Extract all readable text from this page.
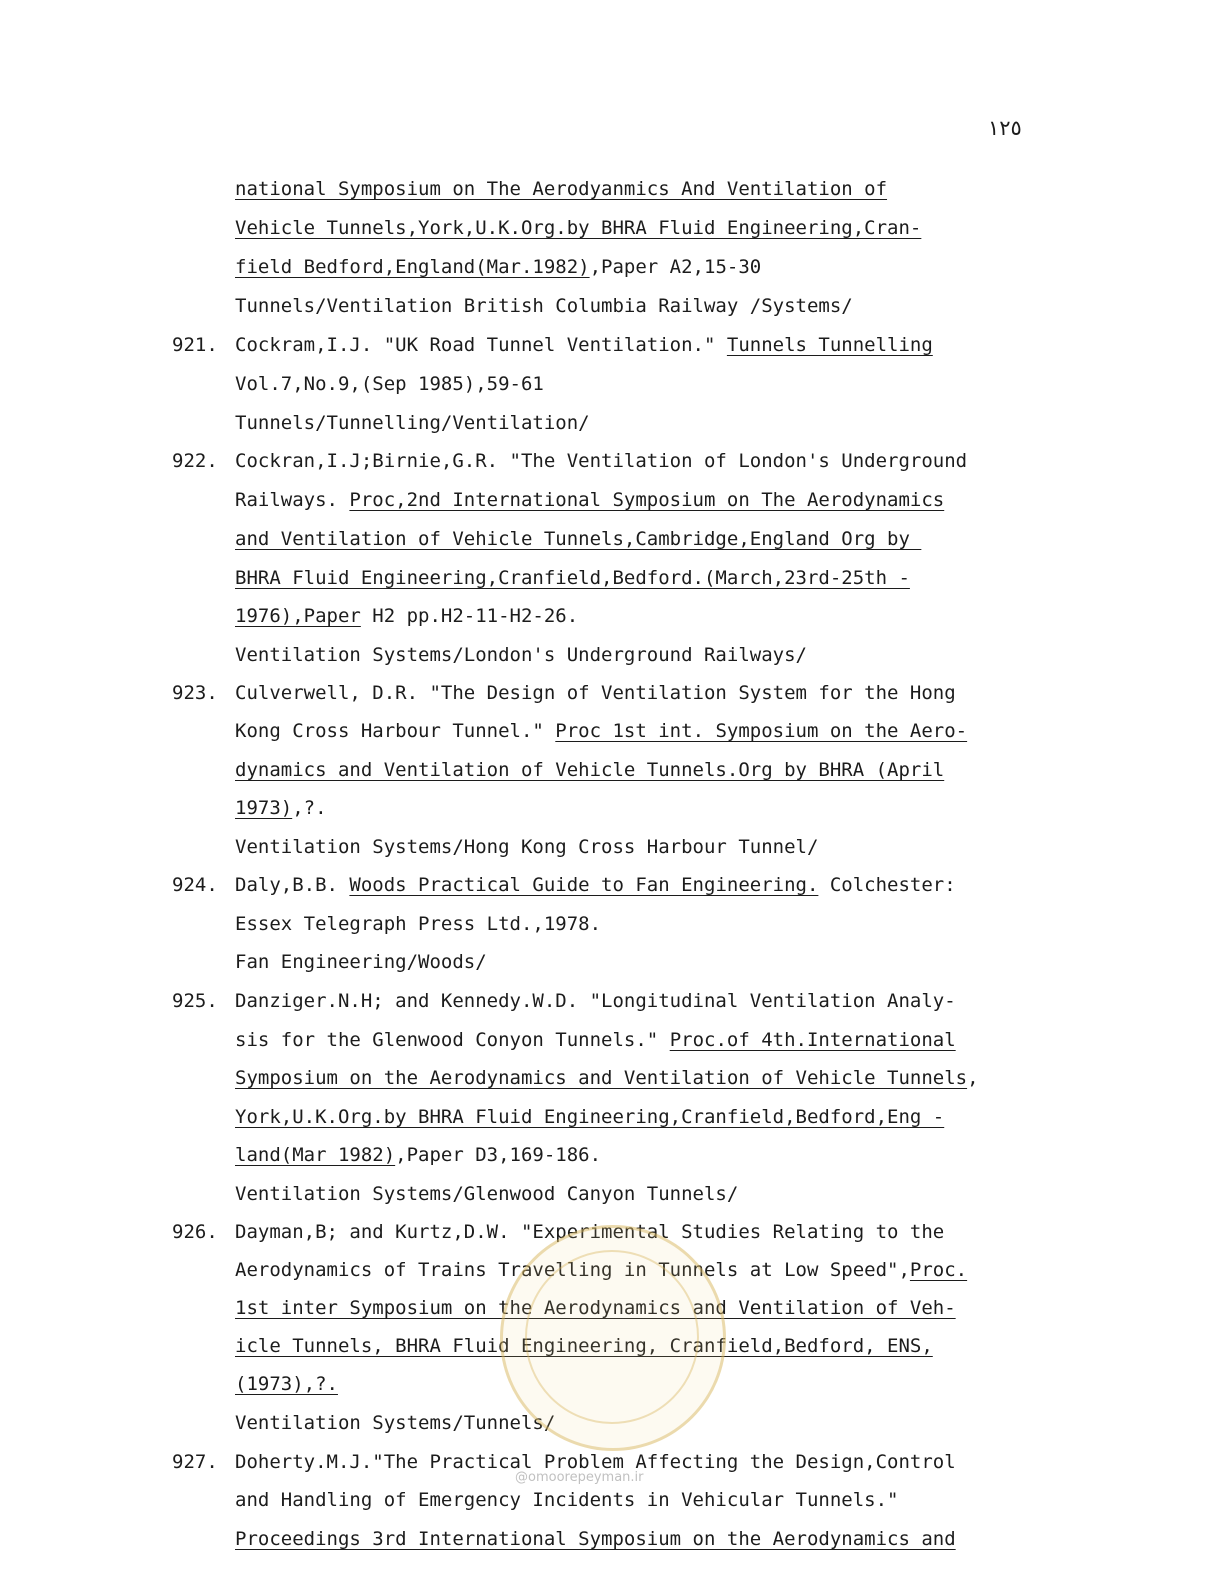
١٢٥
national Symposium on The Aerodyanmics And Ventilation of
Vehicle Tunnels,York,U.K.Org.by BHRA Fluid Engineering,Cran-
field Bedford,England(Mar.1982),Paper A2,15-30
Tunnels/Ventilation British Columbia Railway /Systems/
921. Cockram,I.J. "UK Road Tunnel Ventilation." Tunnels Tunnelling
Vol.7,No.9,(Sep 1985),59-61
Tunnels/Tunnelling/Ventilation/
922. Cockran,I.J;Birnie,G.R. "The Ventilation of London's Underground
Railways. Proc,2nd International Symposium on The Aerodynamics
and Ventilation of Vehicle Tunnels,Cambridge,England Org by
BHRA Fluid Engineering,Cranfield,Bedford.(March,23rd-25th -
1976),Paper H2 pp.H2-11-H2-26.
Ventilation Systems/London's Underground Railways/
923. Culverwell, D.R. "The Design of Ventilation System for the Hong
Kong Cross Harbour Tunnel." Proc 1st int. Symposium on the Aero-
dynamics and Ventilation of Vehicle Tunnels.Org by BHRA (April
1973),?.
Ventilation Systems/Hong Kong Cross Harbour Tunnel/
924. Daly,B.B. Woods Practical Guide to Fan Engineering. Colchester:
Essex Telegraph Press Ltd.,1978.
Fan Engineering/Woods/
925. Danziger.N.H; and Kennedy.W.D. "Longitudinal Ventilation Analy-
sis for the Glenwood Conyon Tunnels." Proc.of 4th.International
Symposium on the Aerodynamics and Ventilation of Vehicle Tunnels,
York,U.K.Org.by BHRA Fluid Engineering,Cranfield,Bedford,Eng -
land(Mar 1982),Paper D3,169-186.
Ventilation Systems/Glenwood Canyon Tunnels/
926. Dayman,B; and Kurtz,D.W. "Experimental Studies Relating to the
Aerodynamics of Trains Travelling in Tunnels at Low Speed",Proc.
1st inter Symposium on the Aerodynamics and Ventilation of Veh-
icle Tunnels, BHRA Fluid Engineering, Cranfield,Bedford, ENS,
(1973),?.
Ventilation Systems/Tunnels/
927. Doherty.M.J."The Practical Problem Affecting the Design,Control
and Handling of Emergency Incidents in Vehicular Tunnels."
Proceedings 3rd International Symposium on the Aerodynamics and
@omoorepeyman.ir
